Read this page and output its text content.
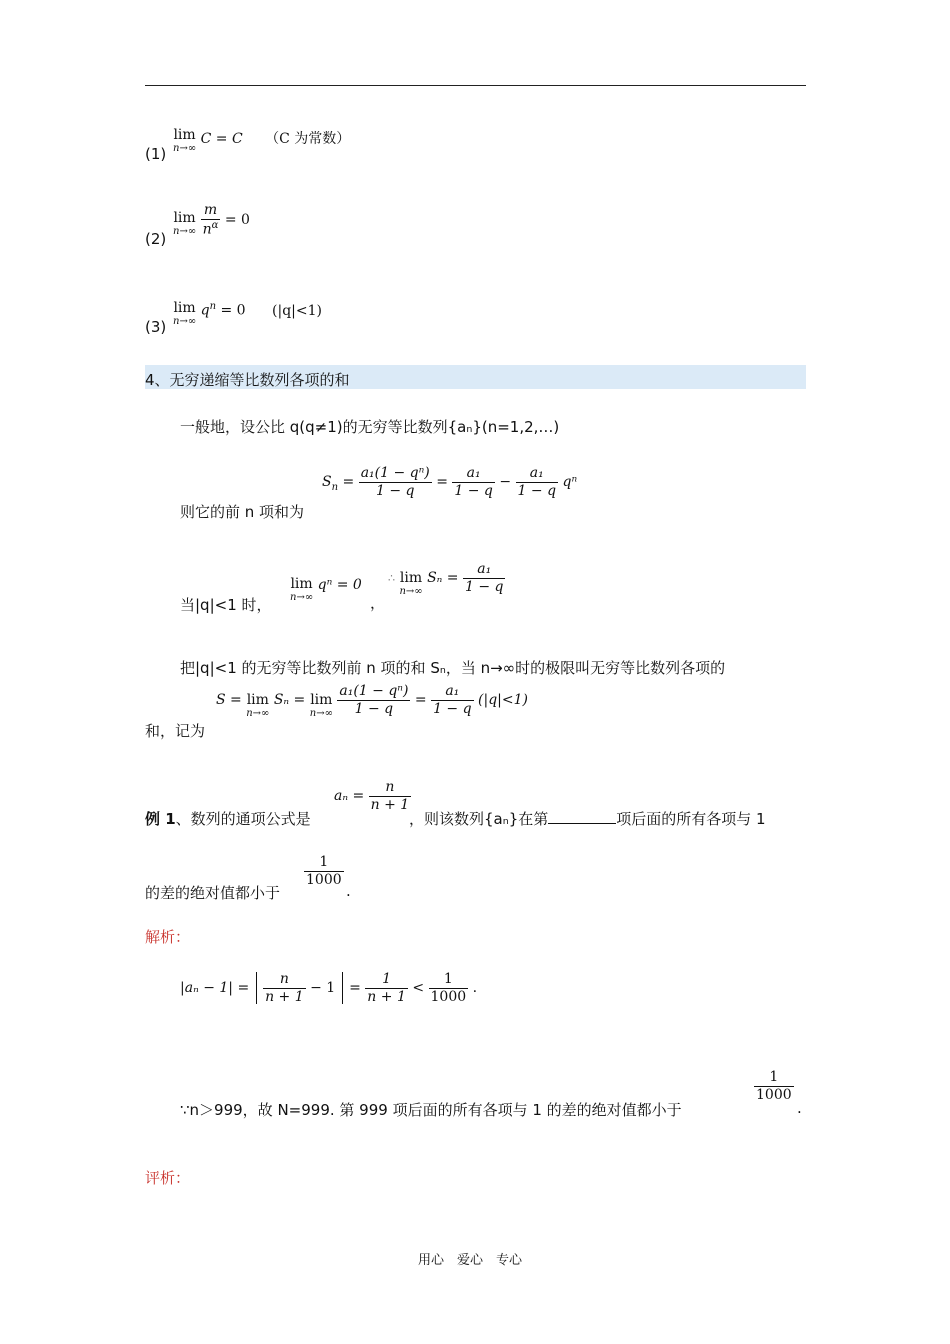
(1)
lim
n→∞
C = C （C 为常数）
(2)
lim
n→∞
$\frac{m}{n^\alpha} = 0$
(3)
lim
n→∞
$q^n = 0$ (|q|<1)
4、无穷递缩等比数列各项的和
一般地，设公比 q(q≠1)的无穷等比数列{aₙ}(n=1,2,…)
则它的前 n 项和为
$S_n = \frac{\text{a₁(1 − qⁿ)}}{1 - q} = \frac{\text{a₁}}{1 - q} - \frac{\text{a₁}}{1 - q}$ qⁿ
当|q|<1 时，
lim
n→∞
qⁿ = 0
，
∴ lim
n→∞
$S_n = \frac{\text{a₁}}{1 - q}$
把|q|<1 的无穷等比数列前 n 项的和 Sₙ，当 n→∞时的极限叫无穷等比数列各项的
和，记为
S = lim
n→∞
Sₙ = lim
n→∞
$\frac{\text{a₁(1 − qⁿ)}}{1 - q} = \frac{\text{a₁}}{1 - q} (|q|<1)$
例 1、数列的通项公式是
$a_n = \frac{n}{n + 1}$
，则该数列{aₙ}在第	项后面的所有各项与 1
的差的绝对值都小于
$\frac{1}{1000}$
.
解析：
$|a_n - 1| = \frac{n}{n + 1} - 1 = \frac{1}{n + 1} < \frac{1}{1000}$ .
∵n＞999，故 N=999. 第 999 项后面的所有各项与 1 的差的绝对值都小于
$\frac{1}{1000}$
.
评析：
用心　爱心　专心
